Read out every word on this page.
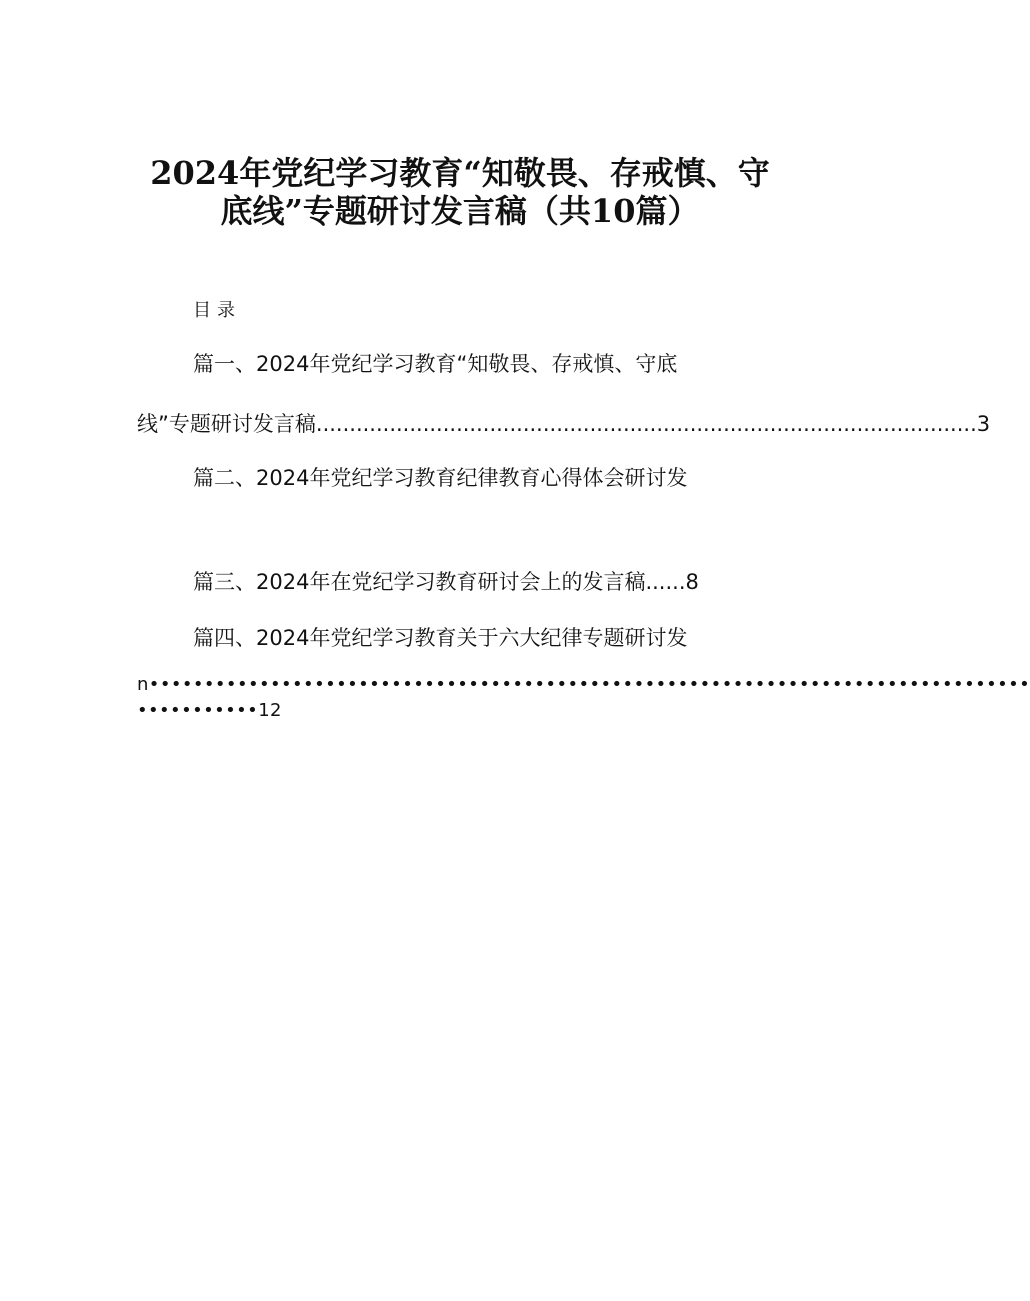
2024年党纪学习教育“知敬畏、存戒慎、守
底线”专题研讨发言稿（共10篇）
目录
篇一、2024年党纪学习教育“知敬畏、存戒慎、守底
线”专题研讨发言稿 ................................................................................................... 3
篇二、2024年党纪学习教育纪律教育心得体会研讨发
篇三、2024年在党纪学习教育研讨会上的发言稿......8
篇四、2024年党纪学习教育关于六大纪律专题研讨发
n••••••••••••••••••••••••••••••••••••••••••••••••••••••••••••••••••••••••••••••••
•••••••••••12
